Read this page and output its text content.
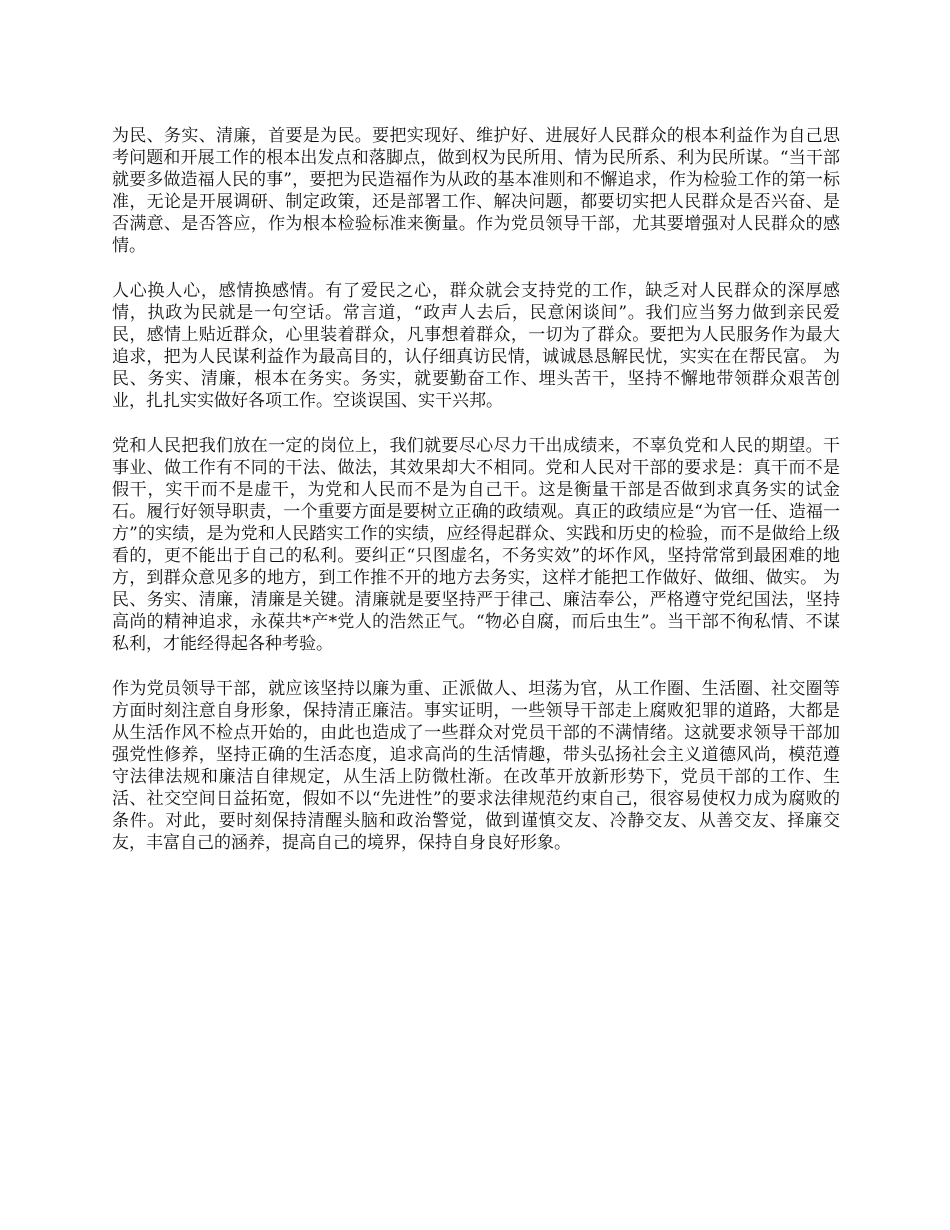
为民、务实、清廉，首要是为民。要把实现好、维护好、进展好人民群众的根本利益作为自己思考问题和开展工作的根本出发点和落脚点，做到权为民所用、情为民所系、利为民所谋。“当干部就要多做造福人民的事”，要把为民造福作为从政的基本准则和不懈追求，作为检验工作的第一标准，无论是开展调研、制定政策，还是部署工作、解决问题，都要切实把人民群众是否兴奋、是否满意、是否答应，作为根本检验标准来衡量。作为党员领导干部，尤其要增强对人民群众的感情。

人心换人心，感情换感情。有了爱民之心，群众就会支持党的工作，缺乏对人民群众的深厚感情，执政为民就是一句空话。常言道，“政声人去后，民意闲谈间”。我们应当努力做到亲民爱民，感情上贴近群众，心里装着群众，凡事想着群众，一切为了群众。要把为人民服务作为最大追求，把为人民谋利益作为最高目的，认仔细真访民情，诚诚恳恳解民忧，实实在在帮民富。 为民、务实、清廉，根本在务实。务实，就要勤奋工作、埋头苦干，坚持不懈地带领群众艰苦创业，扎扎实实做好各项工作。空谈误国、实干兴邦。

党和人民把我们放在一定的岗位上，我们就要尽心尽力干出成绩来，不辜负党和人民的期望。干事业、做工作有不同的干法、做法，其效果却大不相同。党和人民对干部的要求是：真干而不是假干，实干而不是虚干，为党和人民而不是为自己干。这是衡量干部是否做到求真务实的试金石。履行好领导职责，一个重要方面是要树立正确的政绩观。真正的政绩应是“为官一任、造福一方”的实绩，是为党和人民踏实工作的实绩，应经得起群众、实践和历史的检验，而不是做给上级看的，更不能出于自己的私利。要纠正“只图虚名，不务实效”的坏作风，坚持常常到最困难的地方，到群众意见多的地方，到工作推不开的地方去务实，这样才能把工作做好、做细、做实。 为民、务实、清廉，清廉是关键。清廉就是要坚持严于律己、廉洁奉公，严格遵守党纪国法，坚持高尚的精神追求，永葆共*产*党人的浩然正气。“物必自腐，而后虫生”。当干部不徇私情、不谋私利，才能经得起各种考验。

作为党员领导干部，就应该坚持以廉为重、正派做人、坦荡为官，从工作圈、生活圈、社交圈等方面时刻注意自身形象，保持清正廉洁。事实证明，一些领导干部走上腐败犯罪的道路，大都是从生活作风不检点开始的，由此也造成了一些群众对党员干部的不满情绪。这就要求领导干部加强党性修养，坚持正确的生活态度，追求高尚的生活情趣，带头弘扬社会主义道德风尚，模范遵守法律法规和廉洁自律规定，从生活上防微杜渐。在改革开放新形势下，党员干部的工作、生活、社交空间日益拓宽，假如不以“先进性”的要求法律规范约束自己，很容易使权力成为腐败的条件。对此，要时刻保持清醒头脑和政治警觉，做到谨慎交友、冷静交友、从善交友、择廉交友，丰富自己的涵养，提高自己的境界，保持自身良好形象。
